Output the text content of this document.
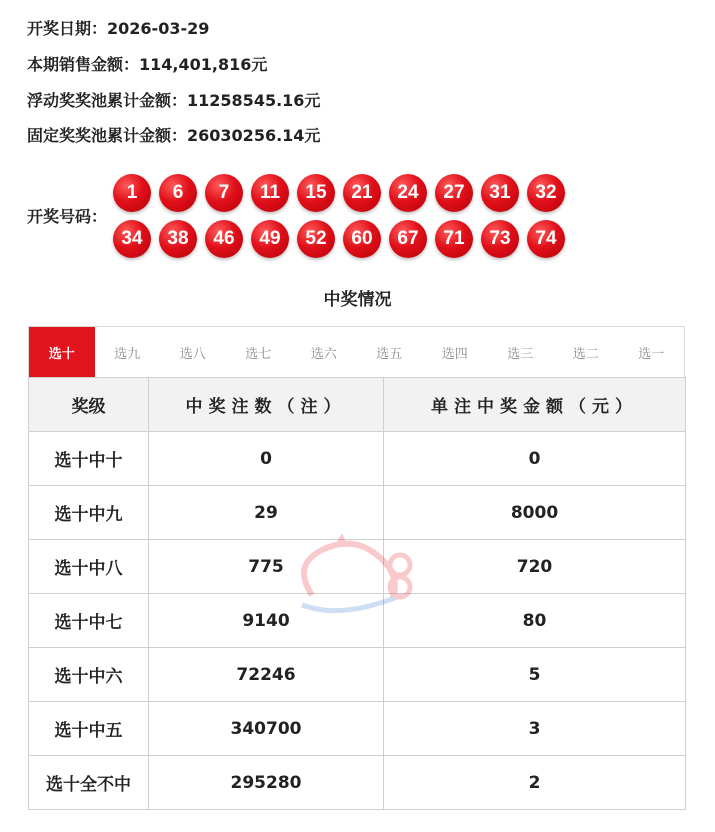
开奖日期：2026-03-29
本期销售金额：114,401,816元
浮动奖奖池累计金额：11258545.16元
固定奖奖池累计金额：26030256.14元
开奖号码：
1	6	7	11	15	21	24	27	31	32
34	38	46	49	52	60	67	71	73	74
中奖情况
选十	选九	选八	选七	选六	选五	选四	选三	选二	选一
奖级	中奖注数（注）	单注中奖金额（元）
选十中十	0	0
选十中九	29	8000
选十中八	775	720
选十中七	9140	80
选十中六	72246	5
选十中五	340700	3
选十全不中	295280	2
